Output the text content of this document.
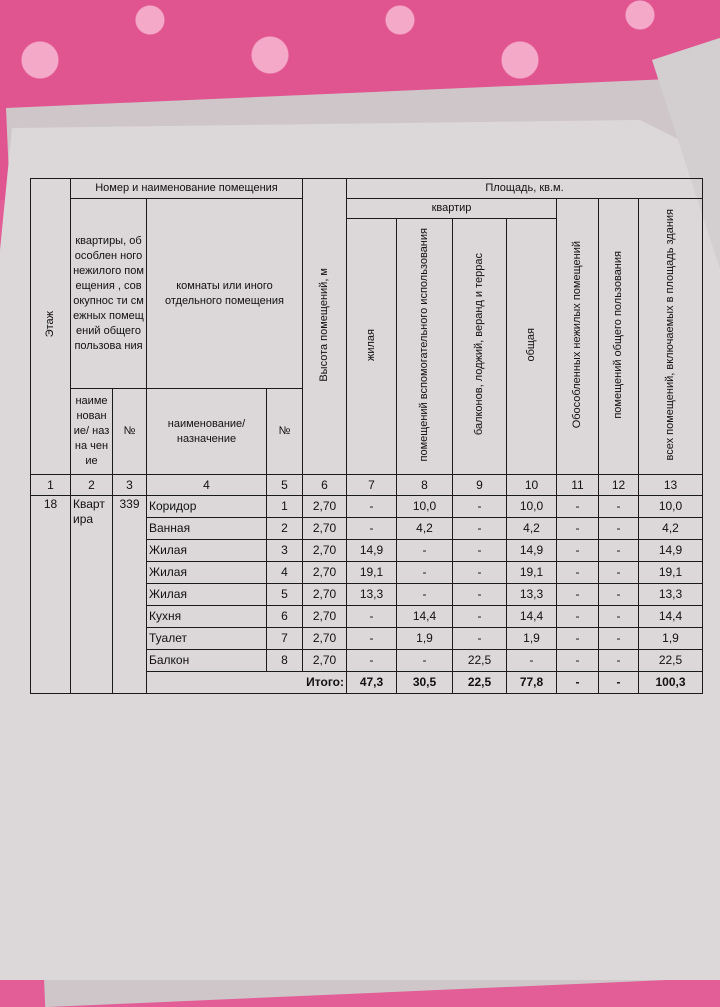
Этаж	Номер и наименование помещения				Высота помещений, м	Площадь, кв.м.						
	квартиры, обособлен ного нежилого помещения , совокупнос ти смежных помещений общего пользова ния		комнаты или иного отдельного помещения			квартир				Обособленных нежилых помещений	помещений общего пользования	всех помещений, включаемых в площадь здания
						жилая	помещений вспомогательного использования	балконов, лоджий, веранд и террас	общая			
	наиме нован ие/ назна чение	№	наименование/ назначение	№								
1	2	3	4	5	6	7	8	9	10	11	12	13
18	Квартира	339	Коридор	1	2,70	-	10,0	-	10,0	-	-	10,0
			Ванная	2	2,70	-	4,2	-	4,2	-	-	4,2
			Жилая	3	2,70	14,9	-	-	14,9	-	-	14,9
			Жилая	4	2,70	19,1	-	-	19,1	-	-	19,1
			Жилая	5	2,70	13,3	-	-	13,3	-	-	13,3
			Кухня	6	2,70	-	14,4	-	14,4	-	-	14,4
			Туалет	7	2,70	-	1,9	-	1,9	-	-	1,9
			Балкон	8	2,70	-	-	22,5	-	-	-	22,5
			Итого:			47,3	30,5	22,5	77,8	-	-	100,3
